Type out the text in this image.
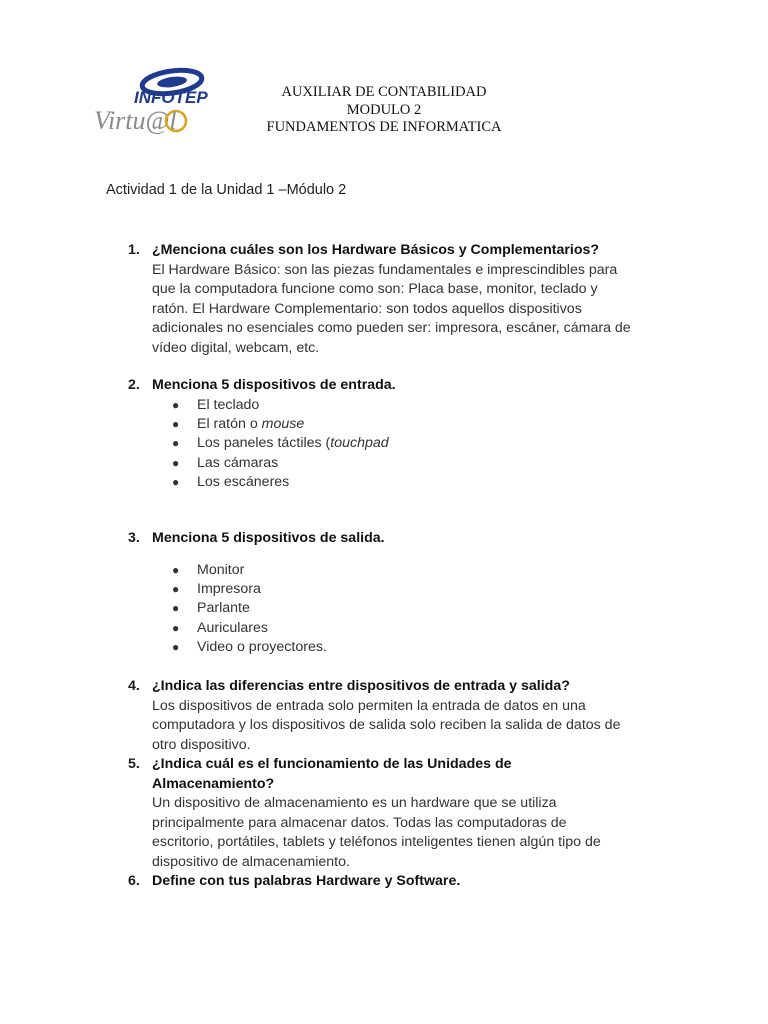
INFOTEP
Virtu@l
AUXILIAR DE CONTABILIDAD
MODULO 2
FUNDAMENTOS DE INFORMATICA
Actividad 1 de la Unidad 1 –Módulo 2
1. ¿Menciona cuáles son los Hardware Básicos y Complementarios?
El Hardware Básico: son las piezas fundamentales e imprescindibles para
que la computadora funcione como son: Placa base, monitor, teclado y
ratón. El Hardware Complementario: son todos aquellos dispositivos
adicionales no esenciales como pueden ser: impresora, escáner, cámara de
vídeo digital, webcam, etc.
2. Menciona 5 dispositivos de entrada.
● El teclado
● El ratón o mouse
● Los paneles táctiles (touchpad
● Las cámaras
● Los escáneres
3. Menciona 5 dispositivos de salida.
● Monitor
● Impresora
● Parlante
● Auriculares
● Video o proyectores.
4. ¿Indica las diferencias entre dispositivos de entrada y salida?
Los dispositivos de entrada solo permiten la entrada de datos en una
computadora y los dispositivos de salida solo reciben la salida de datos de
otro dispositivo.
5. ¿Indica cuál es el funcionamiento de las Unidades de
Almacenamiento?
Un dispositivo de almacenamiento es un hardware que se utiliza
principalmente para almacenar datos. Todas las computadoras de
escritorio, portátiles, tablets y teléfonos inteligentes tienen algún tipo de
dispositivo de almacenamiento.
6. Define con tus palabras Hardware y Software.
